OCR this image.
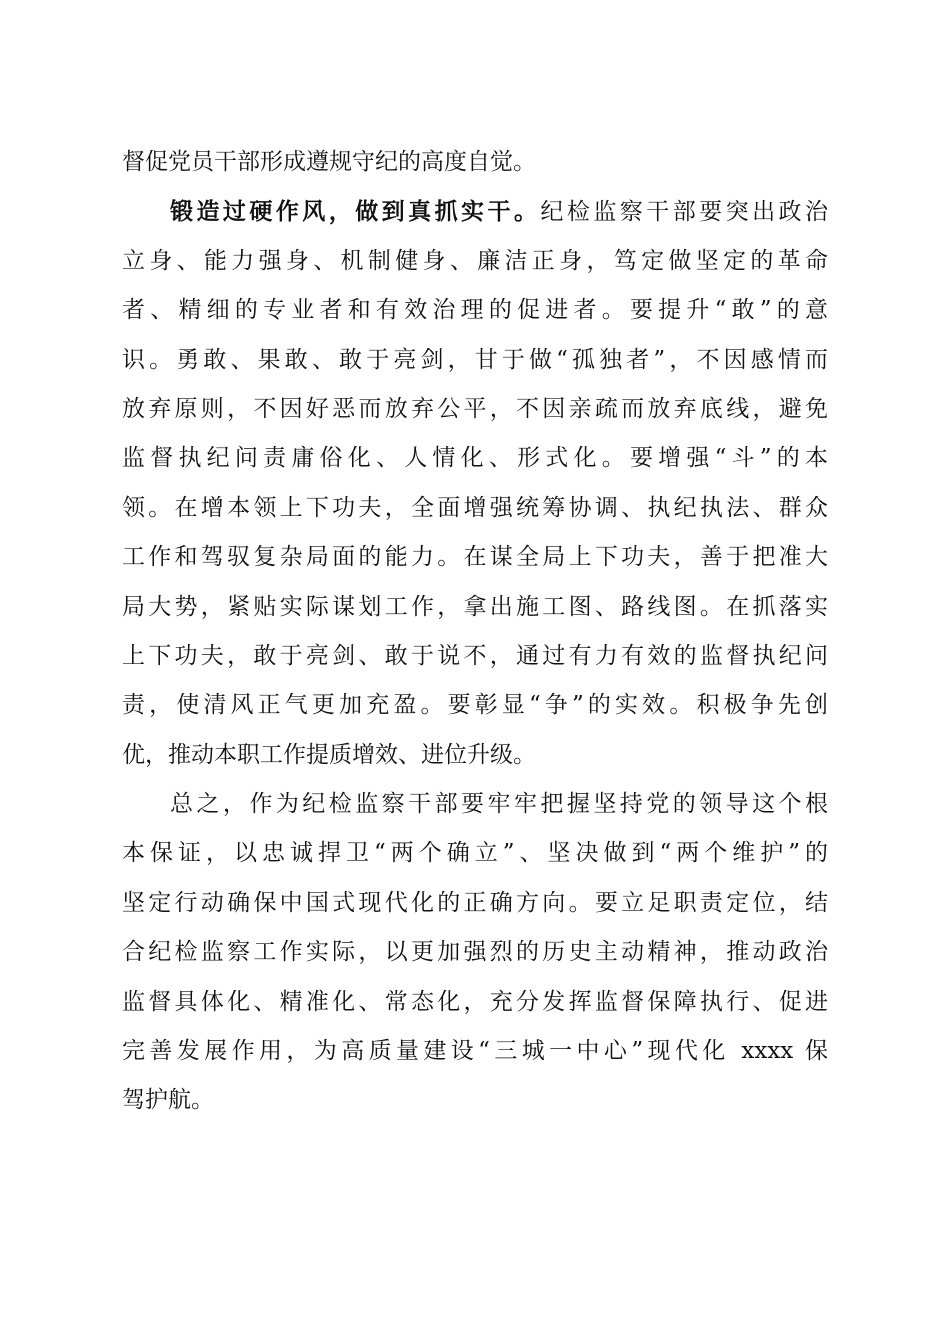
督促党员干部形成遵规守纪的高度自觉。
锻造过硬作风，做到真抓实干。纪检监察干部要突出政治
立身、能力强身、机制健身、廉洁正身，笃定做坚定的革命
者、精细的专业者和有效治理的促进者。要提升“敢”的意
识。勇敢、果敢、敢于亮剑，甘于做“孤独者”，不因感情而
放弃原则，不因好恶而放弃公平，不因亲疏而放弃底线，避免
监督执纪问责庸俗化、人情化、形式化。要增强“斗”的本
领。在增本领上下功夫，全面增强统筹协调、执纪执法、群众
工作和驾驭复杂局面的能力。在谋全局上下功夫，善于把准大
局大势，紧贴实际谋划工作，拿出施工图、路线图。在抓落实
上下功夫，敢于亮剑、敢于说不，通过有力有效的监督执纪问
责，使清风正气更加充盈。要彰显“争”的实效。积极争先创
优，推动本职工作提质增效、进位升级。
总之，作为纪检监察干部要牢牢把握坚持党的领导这个根
本保证，以忠诚捍卫“两个确立”、坚决做到“两个维护”的
坚定行动确保中国式现代化的正确方向。要立足职责定位，结
合纪检监察工作实际，以更加强烈的历史主动精神，推动政治
监督具体化、精准化、常态化，充分发挥监督保障执行、促进
完善发展作用，为高质量建设“三城一中心”现代化 xxxx 保
驾护航。
